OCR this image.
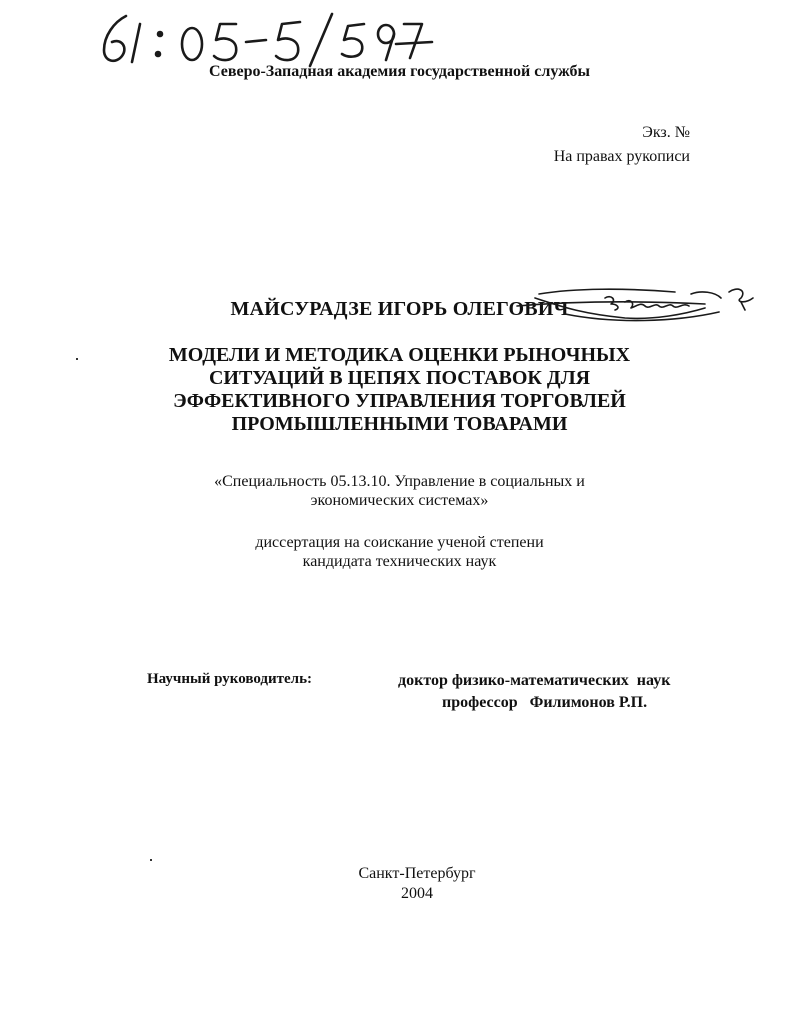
Северо-Западная академия государственной службы
Экз. №
На правах рукописи
МАЙСУРАДЗЕ ИГОРЬ ОЛЕГОВИЧ
МОДЕЛИ И МЕТОДИКА ОЦЕНКИ РЫНОЧНЫХ
СИТУАЦИЙ В ЦЕПЯХ ПОСТАВОК ДЛЯ
ЭФФЕКТИВНОГО УПРАВЛЕНИЯ ТОРГОВЛЕЙ
ПРОМЫШЛЕННЫМИ ТОВАРАМИ
«Специальность 05.13.10. Управление в социальных и
экономических системах»
диссертация на соискание ученой степени
кандидата технических наук
Научный руководитель:	доктор физико-математических  наук
профессор   Филимонов Р.П.
Санкт-Петербург
2004
